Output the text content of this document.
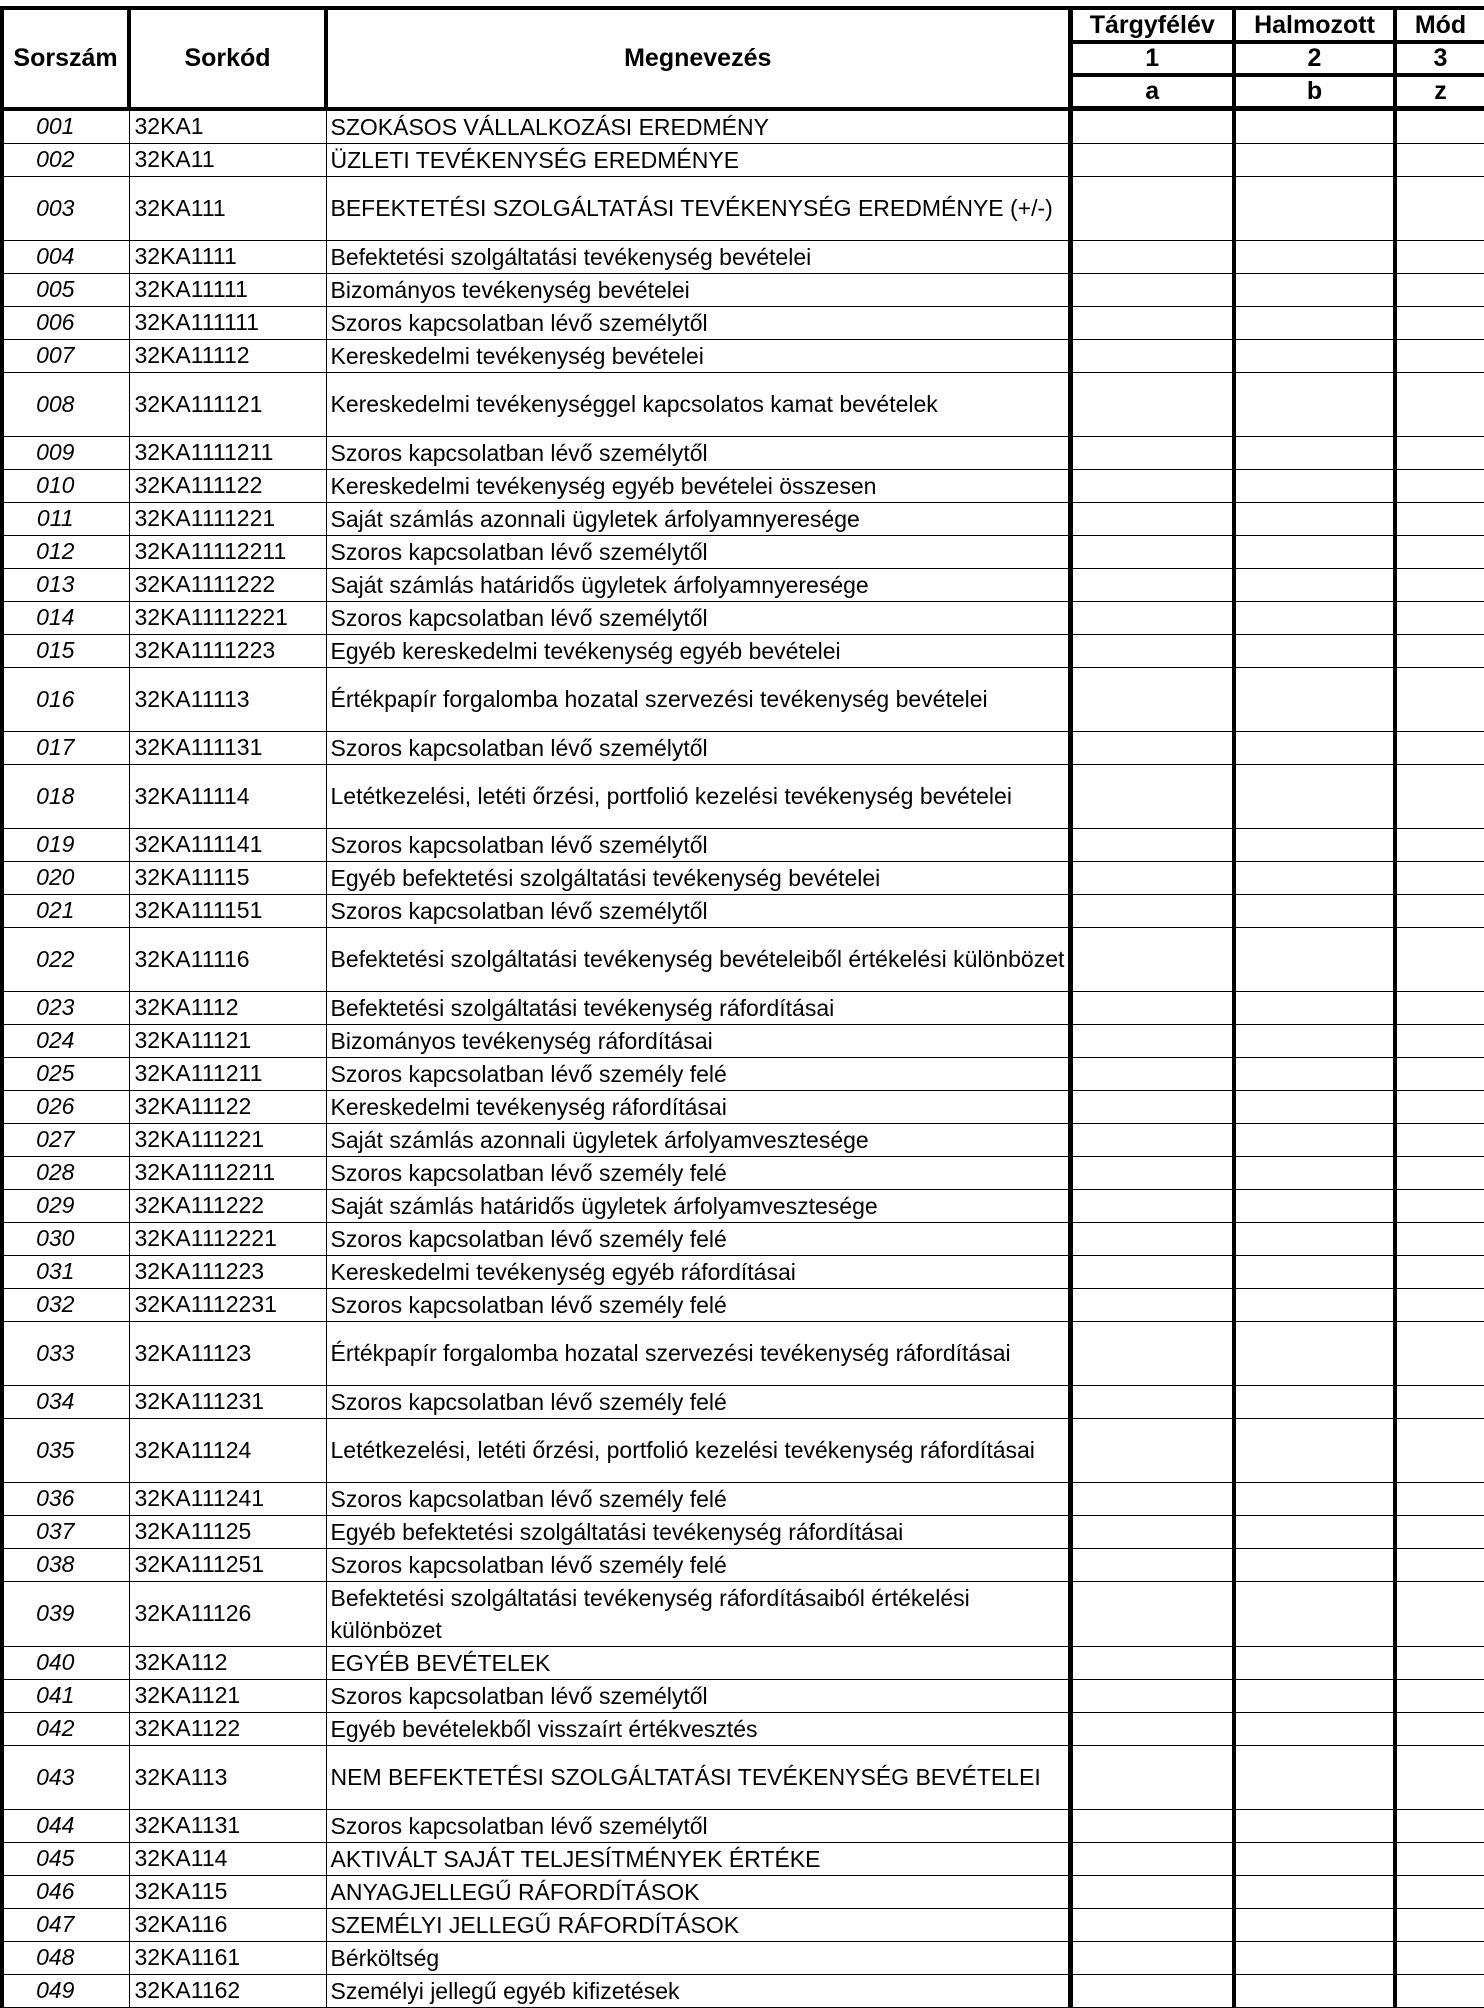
Sorszám	Sorkód	Megnevezés	Tárgyfélév	Halmozott	Mód
			1	2	3
			a	b	z
001	32KA1	SZOKÁSOS VÁLLALKOZÁSI EREDMÉNY			
002	32KA11	ÜZLETI TEVÉKENYSÉG EREDMÉNYE			
003	32KA111	BEFEKTETÉSI SZOLGÁLTATÁSI TEVÉKENYSÉG EREDMÉNYE (+/-)			
004	32KA1111	Befektetési szolgáltatási tevékenység bevételei			
005	32KA11111	Bizományos tevékenység bevételei			
006	32KA111111	Szoros kapcsolatban lévő személytől			
007	32KA11112	Kereskedelmi tevékenység bevételei			
008	32KA111121	Kereskedelmi tevékenységgel kapcsolatos kamat bevételek			
009	32KA1111211	Szoros kapcsolatban lévő személytől			
010	32KA111122	Kereskedelmi tevékenység egyéb bevételei összesen			
011	32KA1111221	Saját számlás azonnali ügyletek árfolyamnyeresége			
012	32KA11112211	Szoros kapcsolatban lévő személytől			
013	32KA1111222	Saját számlás határidős ügyletek árfolyamnyeresége			
014	32KA11112221	Szoros kapcsolatban lévő személytől			
015	32KA1111223	Egyéb kereskedelmi tevékenység egyéb bevételei			
016	32KA11113	Értékpapír forgalomba hozatal szervezési tevékenység bevételei			
017	32KA111131	Szoros kapcsolatban lévő személytől			
018	32KA11114	Letétkezelési, letéti őrzési, portfolió kezelési tevékenység bevételei			
019	32KA111141	Szoros kapcsolatban lévő személytől			
020	32KA11115	Egyéb befektetési szolgáltatási tevékenység bevételei			
021	32KA111151	Szoros kapcsolatban lévő személytől			
022	32KA11116	Befektetési szolgáltatási tevékenység bevételeiből értékelési különbözet			
023	32KA1112	Befektetési szolgáltatási tevékenység ráfordításai			
024	32KA11121	Bizományos tevékenység ráfordításai			
025	32KA111211	Szoros kapcsolatban lévő személy felé			
026	32KA11122	Kereskedelmi tevékenység ráfordításai			
027	32KA111221	Saját számlás azonnali ügyletek árfolyamvesztesége			
028	32KA1112211	Szoros kapcsolatban lévő személy felé			
029	32KA111222	Saját számlás határidős ügyletek árfolyamvesztesége			
030	32KA1112221	Szoros kapcsolatban lévő személy felé			
031	32KA111223	Kereskedelmi tevékenység egyéb ráfordításai			
032	32KA1112231	Szoros kapcsolatban lévő személy felé			
033	32KA11123	Értékpapír forgalomba hozatal szervezési tevékenység ráfordításai			
034	32KA111231	Szoros kapcsolatban lévő személy felé			
035	32KA11124	Letétkezelési, letéti őrzési, portfolió kezelési tevékenység ráfordításai			
036	32KA111241	Szoros kapcsolatban lévő személy felé			
037	32KA11125	Egyéb befektetési szolgáltatási tevékenység ráfordításai			
038	32KA111251	Szoros kapcsolatban lévő személy felé			
039	32KA11126	Befektetési szolgáltatási tevékenység ráfordításaiból értékelési különbözet			
040	32KA112	EGYÉB BEVÉTELEK			
041	32KA1121	Szoros kapcsolatban lévő személytől			
042	32KA1122	Egyéb bevételekből visszaírt értékvesztés			
043	32KA113	NEM BEFEKTETÉSI SZOLGÁLTATÁSI TEVÉKENYSÉG BEVÉTELEI			
044	32KA1131	Szoros kapcsolatban lévő személytől			
045	32KA114	AKTIVÁLT SAJÁT TELJESÍTMÉNYEK ÉRTÉKE			
046	32KA115	ANYAGJELLEGŰ RÁFORDÍTÁSOK			
047	32KA116	SZEMÉLYI JELLEGŰ RÁFORDÍTÁSOK			
048	32KA1161	Bérköltség			
049	32KA1162	Személyi jellegű egyéb kifizetések			
